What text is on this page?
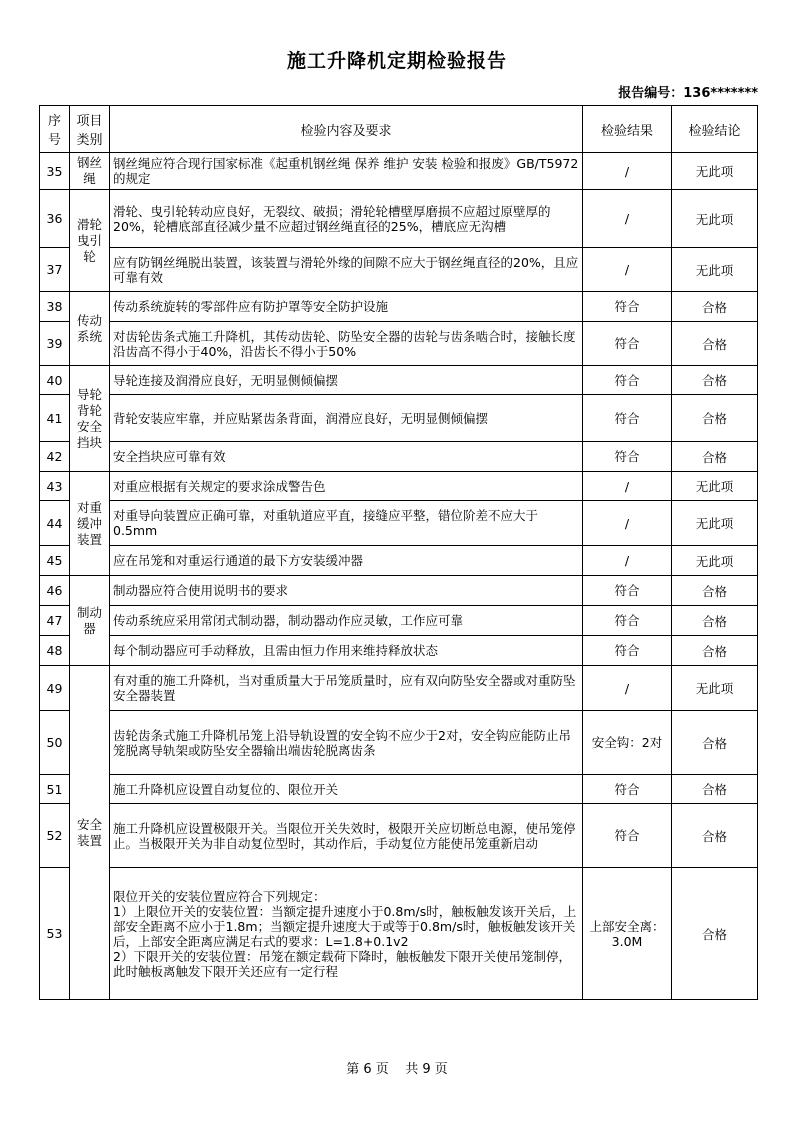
施工升降机定期检验报告
报告编号：136*******
序号	项目类别	检验内容及要求	检验结果	检验结论
35	钢丝绳	钢丝绳应符合现行国家标准《起重机钢丝绳 保养 维护 安装 检验和报废》GB/T5972的规定	/	无此项
36	滑轮曳引轮	滑轮、曳引轮转动应良好，无裂纹、破损；滑轮轮槽壁厚磨损不应超过原壁厚的20%，轮槽底部直径减少量不应超过钢丝绳直径的25%，槽底应无沟槽	/	无此项
37		应有防钢丝绳脱出装置，该装置与滑轮外缘的间隙不应大于钢丝绳直径的20%，且应可靠有效	/	无此项
38	传动系统	传动系统旋转的零部件应有防护罩等安全防护设施	符合	合格
39		对齿轮齿条式施工升降机，其传动齿轮、防坠安全器的齿轮与齿条啮合时，接触长度沿齿高不得小于40%，沿齿长不得小于50%	符合	合格
40	导轮背轮安全挡块	导轮连接及润滑应良好，无明显侧倾偏摆	符合	合格
41		背轮安装应牢靠，并应贴紧齿条背面，润滑应良好，无明显侧倾偏摆	符合	合格
42		安全挡块应可靠有效	符合	合格
43	对重缓冲装置	对重应根据有关规定的要求涂成警告色	/	无此项
44		对重导向装置应正确可靠，对重轨道应平直，接缝应平整，错位阶差不应大于0.5mm	/	无此项
45		应在吊笼和对重运行通道的最下方安装缓冲器	/	无此项
46	制动器	制动器应符合使用说明书的要求	符合	合格
47		传动系统应采用常闭式制动器，制动器动作应灵敏，工作应可靠	符合	合格
48		每个制动器应可手动释放，且需由恒力作用来维持释放状态	符合	合格
49	安全装置	有对重的施工升降机，当对重质量大于吊笼质量时，应有双向防坠安全器或对重防坠安全器装置	/	无此项
50		齿轮齿条式施工升降机吊笼上沿导轨设置的安全钩不应少于2对，安全钩应能防止吊笼脱离导轨架或防坠安全器输出端齿轮脱离齿条	安全钩：2对	合格
51		施工升降机应设置自动复位的、限位开关	符合	合格
52		施工升降机应设置极限开关。当限位开关失效时，极限开关应切断总电源，使吊笼停止。当极限开关为非自动复位型时，其动作后，手动复位方能使吊笼重新启动	符合	合格
53		限位开关的安装位置应符合下列规定：
1）上限位开关的安装位置：当额定提升速度小于0.8m/s时，触板触发该开关后，上部安全距离不应小于1.8m；当额定提升速度大于或等于0.8m/s时，触板触发该开关后，上部安全距离应满足右式的要求：L=1.8+0.1v2
2）下限开关的安装位置：吊笼在额定载荷下降时，触板触发下限开关使吊笼制停，此时触板离触发下限开关还应有一定行程	上部安全离：3.0M	合格
第 6 页    共 9 页
